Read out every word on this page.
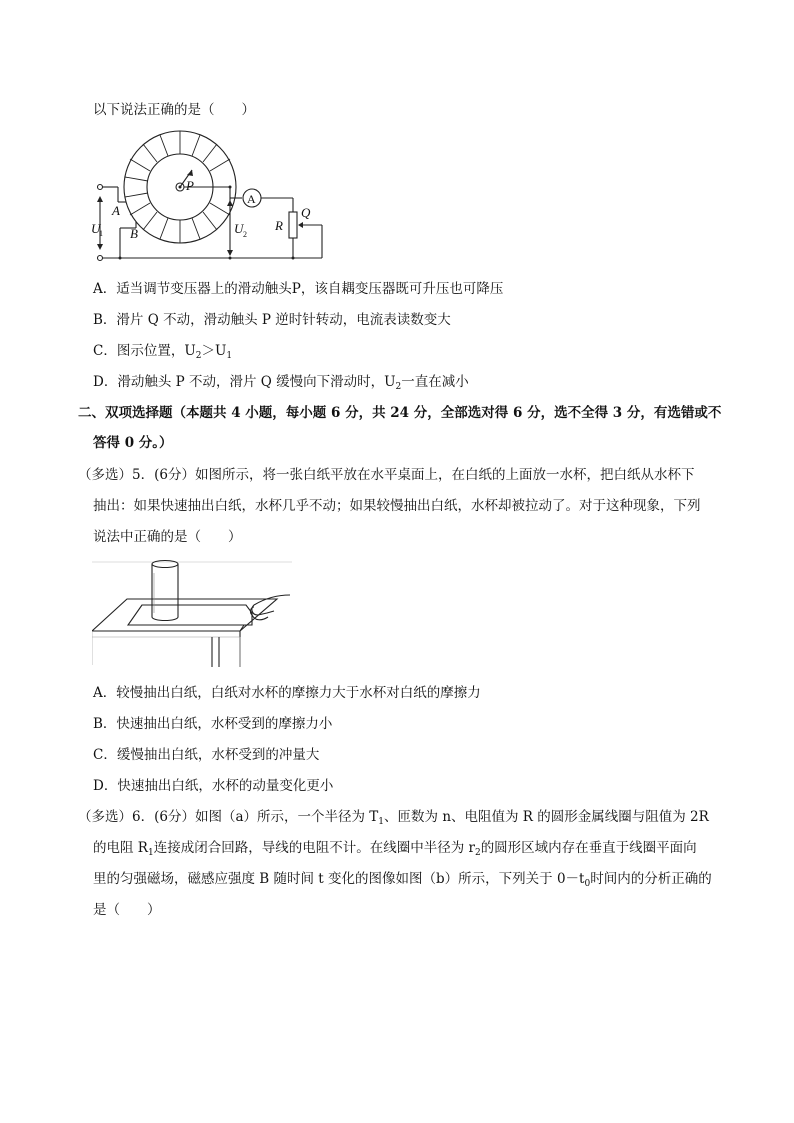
以下说法正确的是（　　）
U
1
A
B
P
A
U 2
R
Q
A．适当调节变压器上的滑动触头P，该自耦变压器既可升压也可降压
B．滑片 Q 不动，滑动触头 P 逆时针转动，电流表读数变大
C．图示位置，$U_2>U_1$
D．滑动触头 P 不动，滑片 Q 缓慢向下滑动时，$U_2$一直在减小
二、双项选择题（本题共 4 小题，每小题 6 分，共 24 分，全部选对得 6 分，选不全得 3 分，有选错或不
答得 0 分。）
（多选）5．(6分）如图所示，将一张白纸平放在水平桌面上，在白纸的上面放一水杯，把白纸从水杯下
抽出：如果快速抽出白纸，水杯几乎不动；如果较慢抽出白纸，水杯却被拉动了。对于这种现象，下列
说法中正确的是（　　）
A．较慢抽出白纸，白纸对水杯的摩擦力大于水杯对白纸的摩擦力
B．快速抽出白纸，水杯受到的摩擦力小
C．缓慢抽出白纸，水杯受到的冲量大
D．快速抽出白纸，水杯的动量变化更小
（多选）6．(6分）如图（a）所示，一个半径为 $T_1$、匝数为 n、电阻值为 R 的圆形金属线圈与阻值为 2R
的电阻 $R_1$连接成闭合回路，导线的电阻不计。在线圈中半径为 $r_2$的圆形区域内存在垂直于线圈平面向
里的匀强磁场，磁感应强度 B 随时间 t 变化的图像如图（b）所示，下列关于 $0-t_0$时间内的分析正确的
是（　　）
